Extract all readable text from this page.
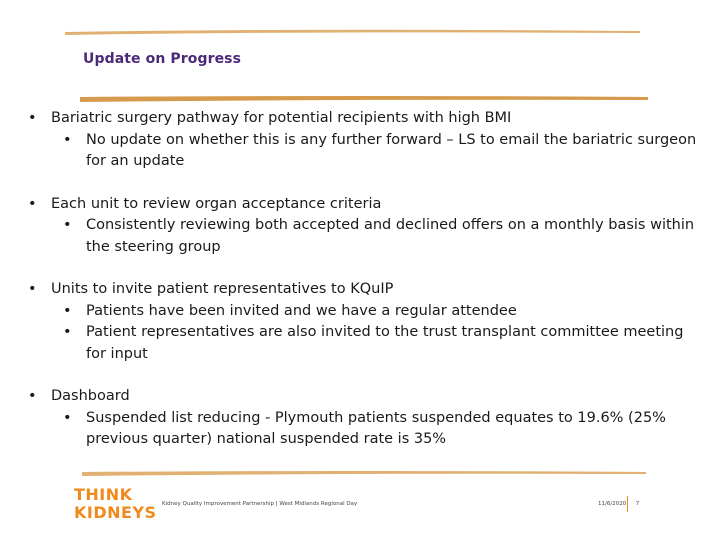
Update on Progress
• Bariatric surgery pathway for potential recipients with high BMI
• No update on whether this is any further forward – LS to email the bariatric surgeon for an update
• Each unit to review organ acceptance criteria
• Consistently reviewing both accepted and declined offers on a monthly basis within the steering group
• Units to invite patient representatives to KQuIP
• Patients have been invited and we have a regular attendee
• Patient representatives are also invited to the trust transplant committee meeting for input
• Dashboard
• Suspended list reducing - Plymouth patients suspended equates to 19.6% (25% previous quarter) national suspended rate is 35%
THINK
KIDNEYS Kidney Quality Improvement Partnership | West Midlands Regional Day	11/6/2020 7
